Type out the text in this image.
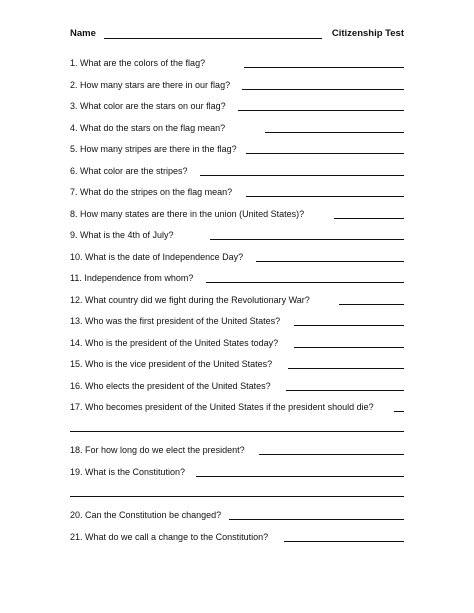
Name	Citizenship Test
1. What are the colors of the flag?
2. How many stars are there in our flag?
3. What color are the stars on our flag?
4. What do the stars on the flag mean?
5. How many stripes are there in the flag?
6. What color are the stripes?
7. What do the stripes on the flag mean?
8. How many states are there in the union (United States)?
9. What is the 4th of July?
10. What is the date of Independence Day?
11. Independence from whom?
12. What country did we fight during the Revolutionary War?
13. Who was the first president of the United States?
14. Who is the president of the United States today?
15. Who is the vice president of the United States?
16. Who elects the president of the United States?
17. Who becomes president of the United States if the president should die?
18. For how long do we elect the president?
19. What is the Constitution?
20. Can the Constitution be changed?
21. What do we call a change to the Constitution?
